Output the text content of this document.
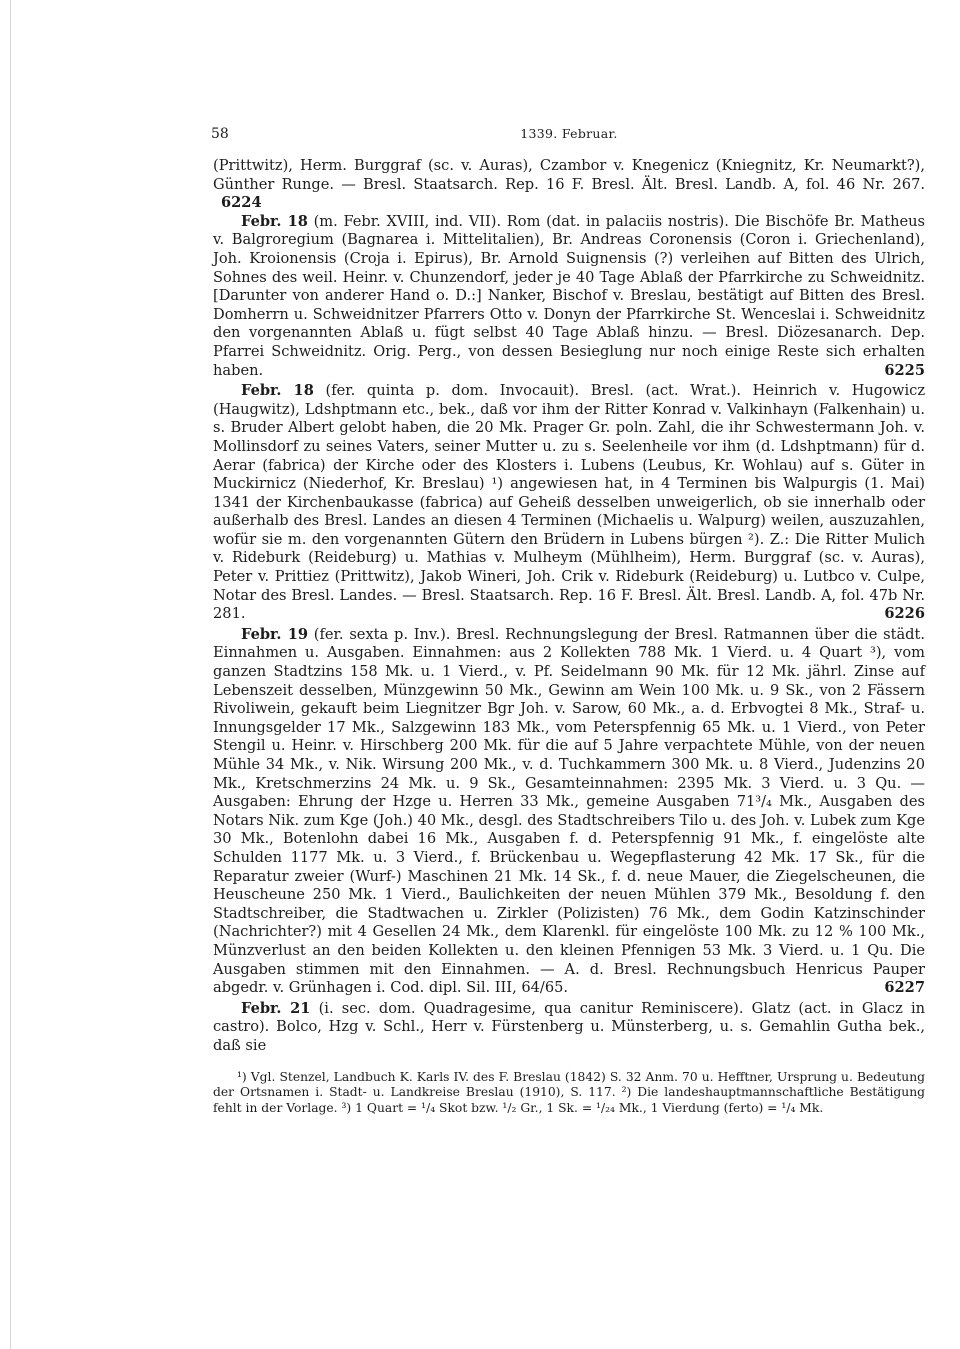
58	1339. Februar.

(Prittwitz), Herm. Burggraf (sc. v. Auras), Czambor v. Knegenicz (Kniegnitz, Kr. Neumarkt?), Günther Runge. — Bresl. Staatsarch. Rep. 16 F. Bresl. Ält. Bresl. Landb. A, fol. 46 Nr. 267. 6224

Febr. 18 (m. Febr. XVIII, ind. VII). Rom (dat. in palaciis nostris). Die Bischöfe Br. Matheus v. Balgroregium (Bagnarea i. Mittelitalien), Br. Andreas Coronensis (Coron i. Griechenland), Joh. Kroionensis (Croja i. Epirus), Br. Arnold Suignensis (?) verleihen auf Bitten des Ulrich, Sohnes des weil. Heinr. v. Chunzendorf, jeder je 40 Tage Ablaß der Pfarrkirche zu Schweidnitz. [Darunter von anderer Hand o. D.:] Nanker, Bischof v. Breslau, bestätigt auf Bitten des Bresl. Domherrn u. Schweidnitzer Pfarrers Otto v. Donyn der Pfarrkirche St. Wenceslai i. Schweidnitz den vorgenannten Ablaß u. fügt selbst 40 Tage Ablaß hinzu. — Bresl. Diözesanarch. Dep. Pfarrei Schweidnitz. Orig. Perg., von dessen Besieglung nur noch einige Reste sich erhalten haben.	6225

Febr. 18 (fer. quinta p. dom. Invocauit). Bresl. (act. Wrat.). Heinrich v. Hugowicz (Haugwitz), Ldshptmann etc., bek., daß vor ihm der Ritter Konrad v. Valkinhayn (Falkenhain) u. s. Bruder Albert gelobt haben, die 20 Mk. Prager Gr. poln. Zahl, die ihr Schwestermann Joh. v. Mollinsdorf zu seines Vaters, seiner Mutter u. zu s. Seelenheile vor ihm (d. Ldshptmann) für d. Aerar (fabrica) der Kirche oder des Klosters i. Lubens (Leubus, Kr. Wohlau) auf s. Güter in Muckirnicz (Niederhof, Kr. Breslau) ¹) angewiesen hat, in 4 Terminen bis Walpurgis (1. Mai) 1341 der Kirchenbaukasse (fabrica) auf Geheiß desselben unweigerlich, ob sie innerhalb oder außerhalb des Bresl. Landes an diesen 4 Terminen (Michaelis u. Walpurg) weilen, auszuzahlen, wofür sie m. den vorgenannten Gütern den Brüdern in Lubens bürgen ²). Z.: Die Ritter Mulich v. Rideburk (Reideburg) u. Mathias v. Mulheym (Mühlheim), Herm. Burggraf (sc. v. Auras), Peter v. Prittiez (Prittwitz), Jakob Wineri, Joh. Crik v. Rideburk (Reideburg) u. Lutbco v. Culpe, Notar des Bresl. Landes. — Bresl. Staatsarch. Rep. 16 F. Bresl. Ält. Bresl. Landb. A, fol. 47b Nr. 281.	6226

Febr. 19 (fer. sexta p. Inv.). Bresl. Rechnungslegung der Bresl. Ratmannen über die städt. Einnahmen u. Ausgaben. Einnahmen: aus 2 Kollekten 788 Mk. 1 Vierd. u. 4 Quart ³), vom ganzen Stadtzins 158 Mk. u. 1 Vierd., v. Pf. Seidelmann 90 Mk. für 12 Mk. jährl. Zinse auf Lebenszeit desselben, Münzgewinn 50 Mk., Gewinn am Wein 100 Mk. u. 9 Sk., von 2 Fässern Rivoliwein, gekauft beim Liegnitzer Bgr Joh. v. Sarow, 60 Mk., a. d. Erbvogtei 8 Mk., Straf- u. Innungsgelder 17 Mk., Salzgewinn 183 Mk., vom Peterspfennig 65 Mk. u. 1 Vierd., von Peter Stengil u. Heinr. v. Hirschberg 200 Mk. für die auf 5 Jahre verpachtete Mühle, von der neuen Mühle 34 Mk., v. Nik. Wirsung 200 Mk., v. d. Tuchkammern 300 Mk. u. 8 Vierd., Judenzins 20 Mk., Kretschmerzins 24 Mk. u. 9 Sk., Gesamteinnahmen: 2395 Mk. 3 Vierd. u. 3 Qu. — Ausgaben: Ehrung der Hzge u. Herren 33 Mk., gemeine Ausgaben 71³/₄ Mk., Ausgaben des Notars Nik. zum Kge (Joh.) 40 Mk., desgl. des Stadtschreibers Tilo u. des Joh. v. Lubek zum Kge 30 Mk., Botenlohn dabei 16 Mk., Ausgaben f. d. Peterspfennig 91 Mk., f. eingelöste alte Schulden 1177 Mk. u. 3 Vierd., f. Brückenbau u. Wegepflasterung 42 Mk. 17 Sk., für die Reparatur zweier (Wurf-) Maschinen 21 Mk. 14 Sk., f. d. neue Mauer, die Ziegelscheunen, die Heuscheune 250 Mk. 1 Vierd., Baulichkeiten der neuen Mühlen 379 Mk., Besoldung f. den Stadtschreiber, die Stadtwachen u. Zirkler (Polizisten) 76 Mk., dem Godin Katzinschinder (Nachrichter?) mit 4 Gesellen 24 Mk., dem Klarenkl. für eingelöste 100 Mk. zu 12 % 100 Mk., Münzverlust an den beiden Kollekten u. den kleinen Pfennigen 53 Mk. 3 Vierd. u. 1 Qu. Die Ausgaben stimmen mit den Einnahmen. — A. d. Bresl. Rechnungsbuch Henricus Pauper abgedr. v. Grünhagen i. Cod. dipl. Sil. III, 64/65.	6227

Febr. 21 (i. sec. dom. Quadragesime, qua canitur Reminiscere). Glatz (act. in Glacz in castro). Bolco, Hzg v. Schl., Herr v. Fürstenberg u. Münsterberg, u. s. Gemahlin Gutha bek., daß sie

¹) Vgl. Stenzel, Landbuch K. Karls IV. des F. Breslau (1842) S. 32 Anm. 70 u. Hefftner, Ursprung u. Bedeutung der Ortsnamen i. Stadt- u. Landkreise Breslau (1910), S. 117. ²) Die landeshauptmannschaftliche Bestätigung fehlt in der Vorlage. ³) 1 Quart = ¹/₄ Skot bzw. ¹/₂ Gr., 1 Sk. = ¹/₂₄ Mk., 1 Vierdung (ferto) = ¹/₄ Mk.
